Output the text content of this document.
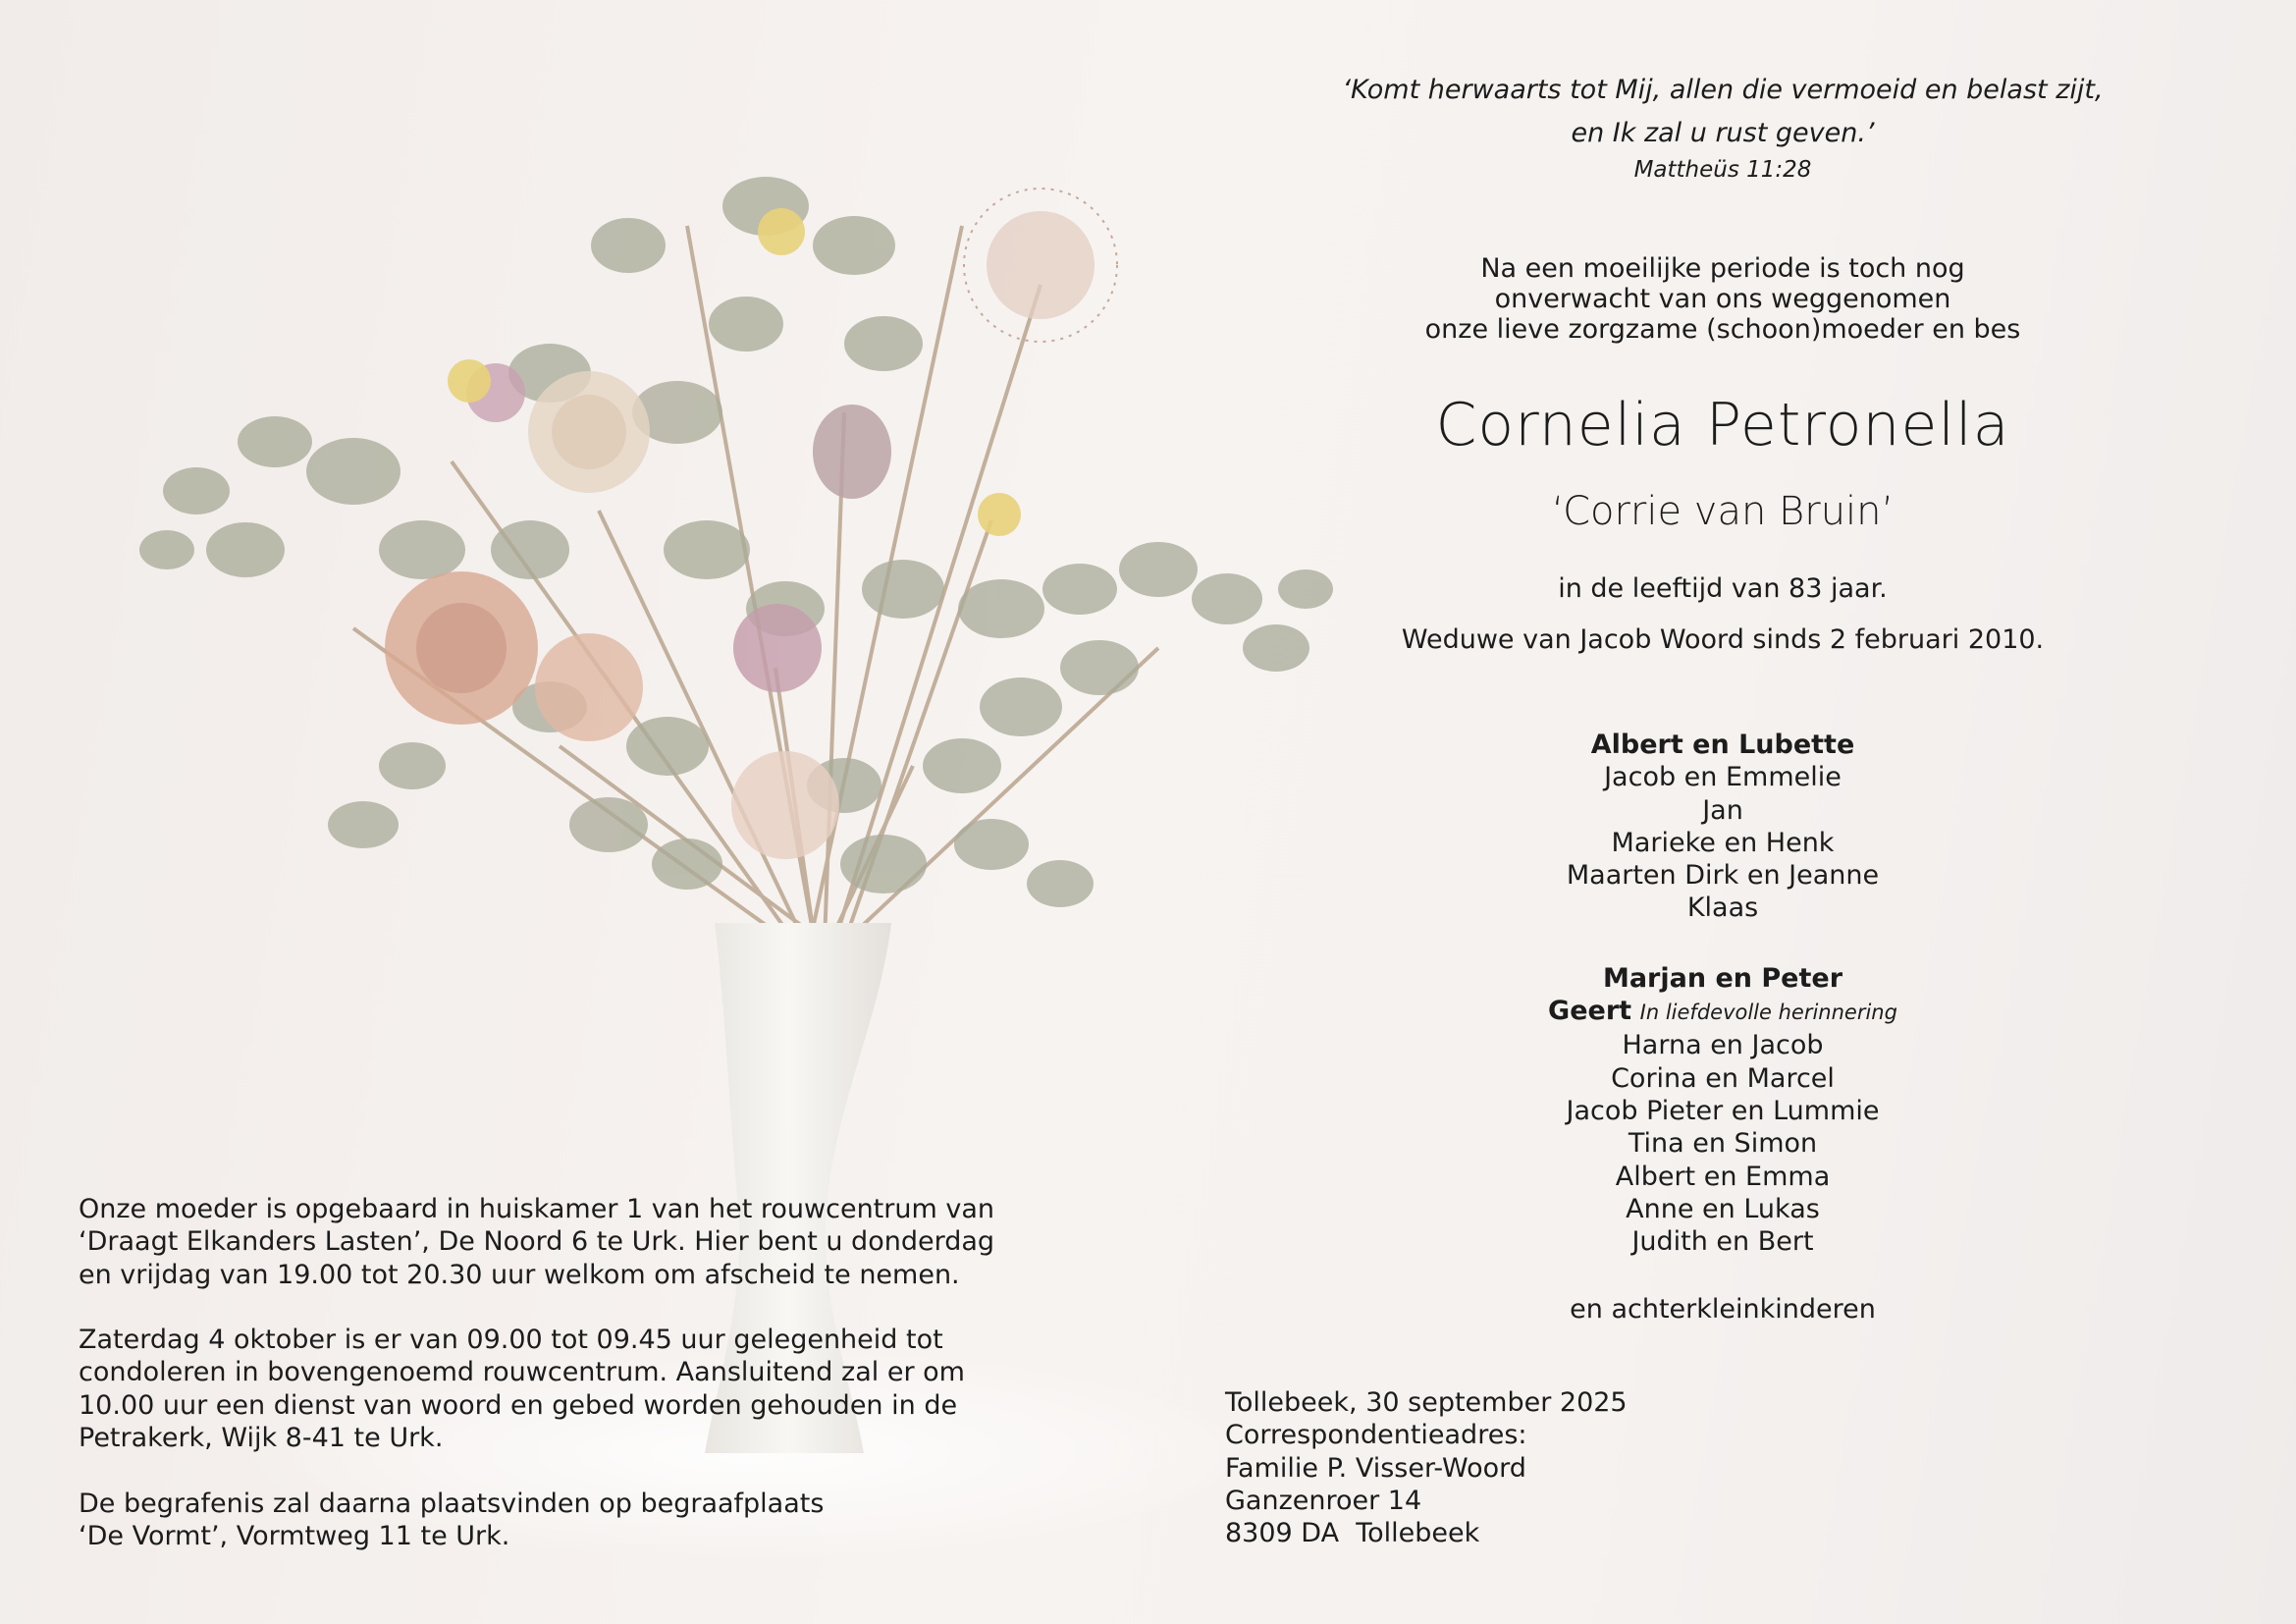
‘Komt herwaarts tot Mij, allen die vermoeid en belast zijt,
en Ik zal u rust geven.’
Mattheüs 11:28
Na een moeilijke periode is toch nog
onverwacht van ons weggenomen
onze lieve zorgzame (schoon)moeder en bes
Cornelia Petronella
‘Corrie van Bruin’
in de leeftijd van 83 jaar.
Weduwe van Jacob Woord sinds 2 februari 2010.
Albert en Lubette
Jacob en Emmelie
Jan
Marieke en Henk
Maarten Dirk en Jeanne
Klaas
Marjan en Peter
Geert In liefdevolle herinnering
Harna en Jacob
Corina en Marcel
Jacob Pieter en Lummie
Tina en Simon
Albert en Emma
Anne en Lukas
Judith en Bert
en achterkleinkinderen

Onze moeder is opgebaard in huiskamer 1 van het rouwcentrum van
‘Draagt Elkanders Lasten’, De Noord 6 te Urk. Hier bent u donderdag
en vrijdag van 19.00 tot 20.30 uur welkom om afscheid te nemen.

Zaterdag 4 oktober is er van 09.00 tot 09.45 uur gelegenheid tot
condoleren in bovengenoemd rouwcentrum. Aansluitend zal er om
10.00 uur een dienst van woord en gebed worden gehouden in de
Petrakerk, Wijk 8-41 te Urk.

De begrafenis zal daarna plaatsvinden op begraafplaats
‘De Vormt’, Vormtweg 11 te Urk.

Tollebeek, 30 september 2025
Correspondentieadres:
Familie P. Visser-Woord
Ganzenroer 14
8309 DA  Tollebeek
